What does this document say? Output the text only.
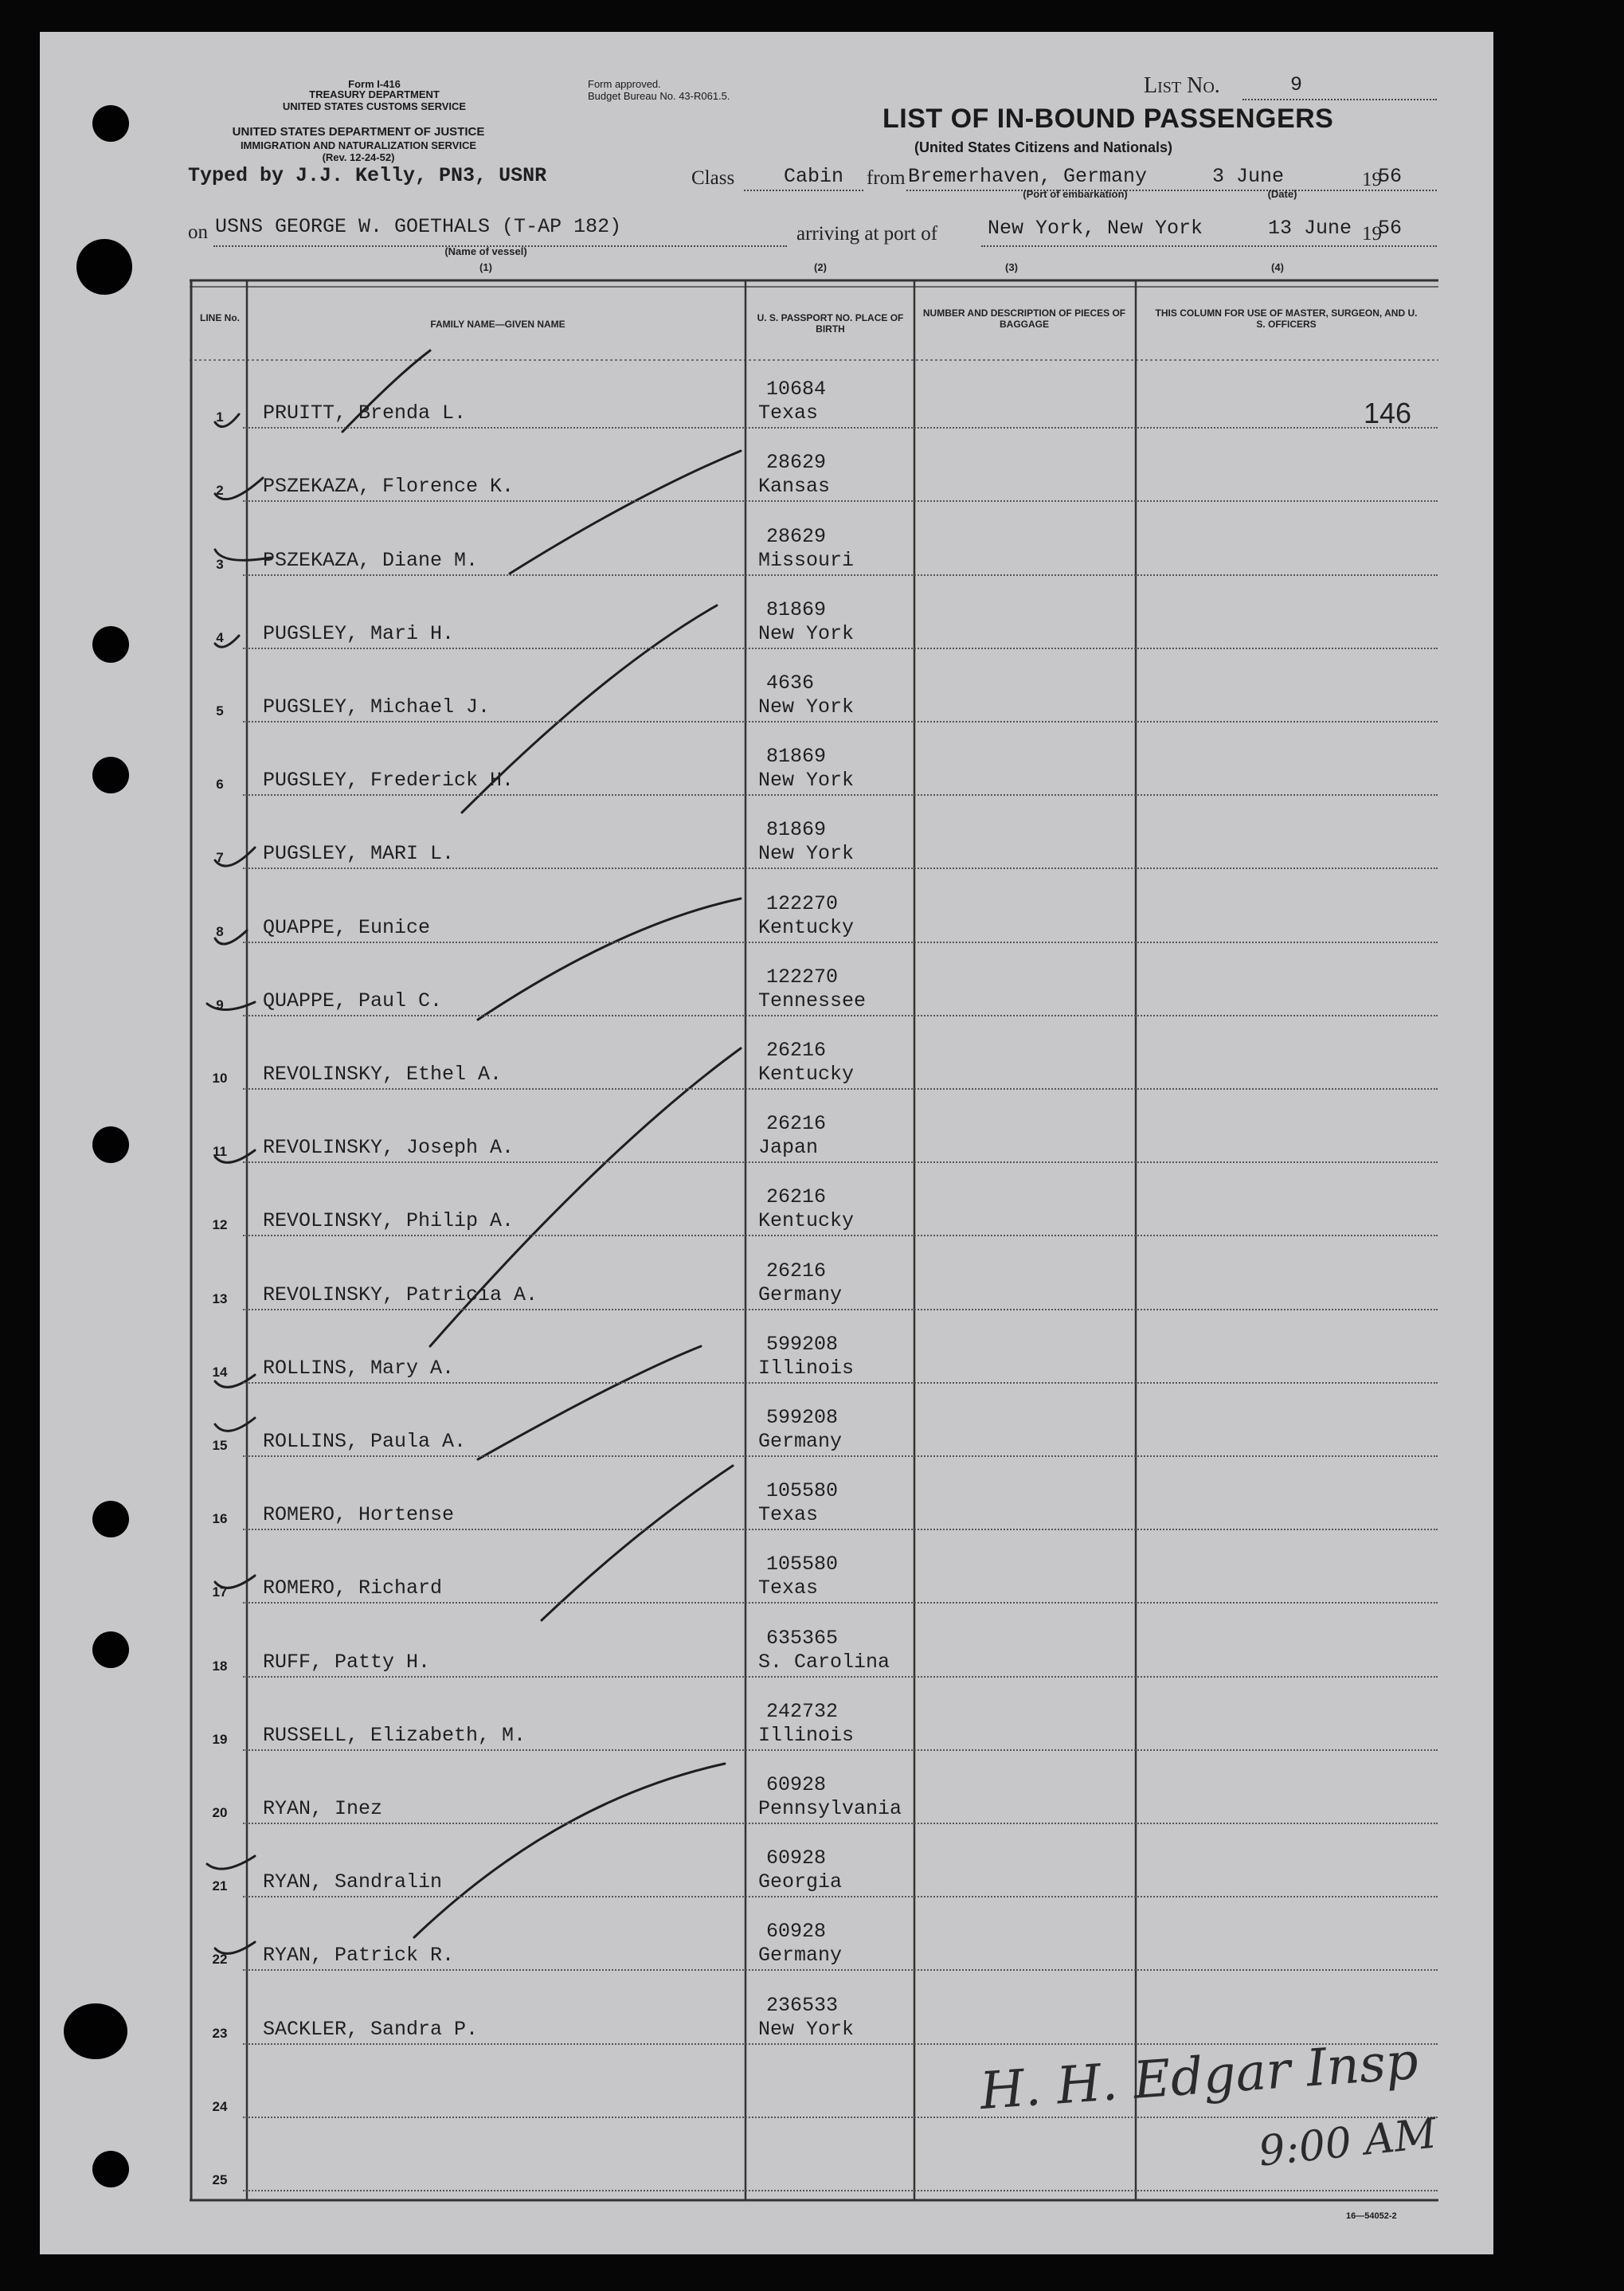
Form I-416
TREASURY DEPARTMENT
UNITED STATES CUSTOMS SERVICE
UNITED STATES DEPARTMENT OF JUSTICE
IMMIGRATION AND NATURALIZATION SERVICE
(Rev. 12-24-52)
Form approved.
Budget Bureau No. 43-R061.5.	List No.	9
LIST OF IN-BOUND PASSENGERS
(United States Citizens and Nationals)
Typed by J.J. Kelly, PN3, USNR	Class Cabin from Bremerhaven, Germany	3 June	19
56
(Port of embarkation)	(Date)
on USNS GEORGE W. GOETHALS (T-AP 182)	arriving at port of	New York, New York	13 June 19
56
(Name of vessel)
(1)	(2)	(3)	(4)
LINE No.
FAMILY NAME—GIVEN NAME
U. S. PASSPORT NO. PLACE OF BIRTH
NUMBER AND DESCRIPTION OF PIECES OF BAGGAGE
THIS COLUMN FOR USE OF MASTER, SURGEON, AND U. S. OFFICERS
1	PRUITT, Brenda L.
10684
Texas
2	PSZEKAZA, Florence K.
28629
Kansas
3	PSZEKAZA, Diane M.
28629
Missouri
4	PUGSLEY, Mari H.
81869
New York
5	PUGSLEY, Michael J.
4636
New York
6	PUGSLEY, Frederick H.
81869
New York
7	PUGSLEY, MARI L.
81869
New York
8	QUAPPE, Eunice
122270
Kentucky
9	QUAPPE, Paul C.
122270
Tennessee
10	REVOLINSKY, Ethel A.
26216
Kentucky
11	REVOLINSKY, Joseph A.
26216
Japan
12	REVOLINSKY, Philip A.
26216
Kentucky
13	REVOLINSKY, Patricia A.
26216
Germany
14	ROLLINS, Mary A.
599208
Illinois
15	ROLLINS, Paula A.
599208
Germany
16	ROMERO, Hortense
105580
Texas
17	ROMERO, Richard
105580
Texas
18	RUFF, Patty H.
635365
S. Carolina
19	RUSSELL, Elizabeth, M.
242732
Illinois
20	RYAN, Inez
60928
Pennsylvania
21	RYAN, Sandralin
60928
Georgia
22	RYAN, Patrick R.
60928
Germany
23	SACKLER, Sandra P.
236533
New York
24
25
146
H. H. Edgar Insp
9:00 AM
16—54052-2
